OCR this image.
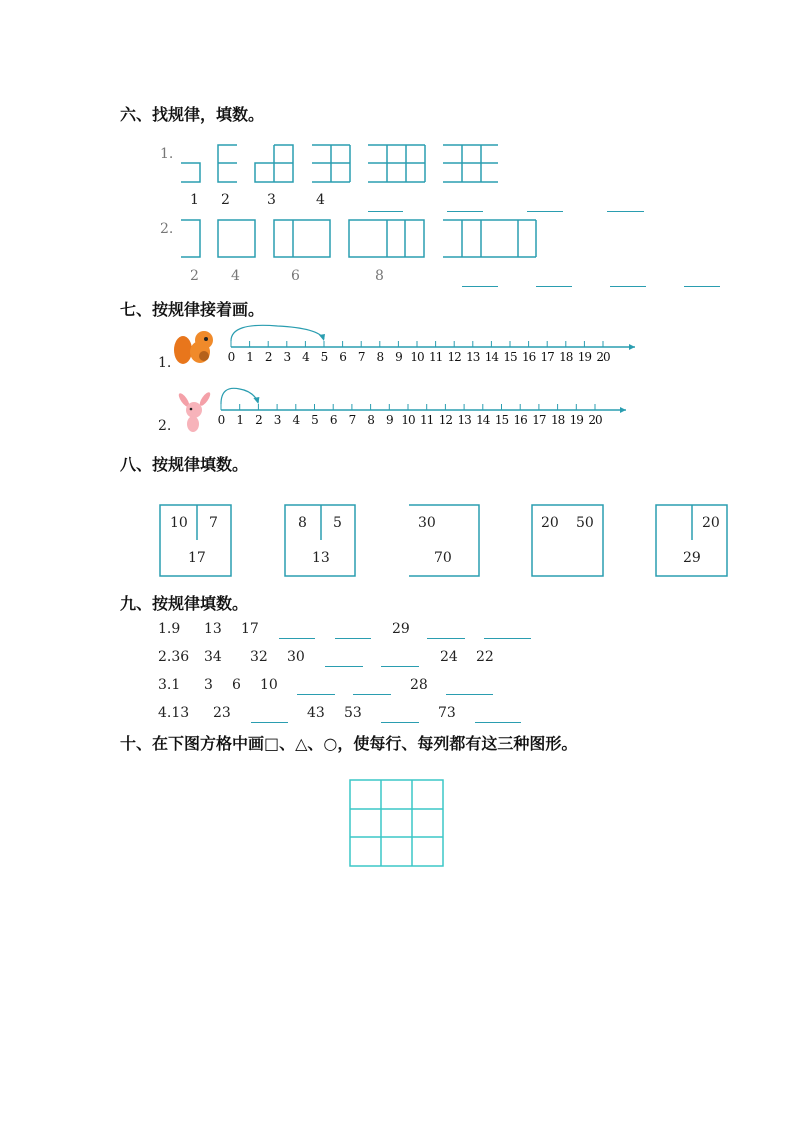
六、找规律，填数。
1.
2.
1 2	3	4
2 4	6	8
七、按规律接着画。
1.
2.
0 1 2 3 4 5 6 7 8 9 10 11 12 13 14 15 16 17 18 19 20
0	1	2	3	4	5	6	7	8	9 10 11 12 13 14 15 16 17 18 19 20
八、按规律填数。
10 7
17
8 5
13
30
70
20 50	20
29
九、按规律填数。
1.9 13 17	29
2.36 34 32 30	24 22
3.1 3 6 10	28
4.13 23	43 53	73
十、在下图方格中画□、△、○，使每行、每列都有这三种图形。
